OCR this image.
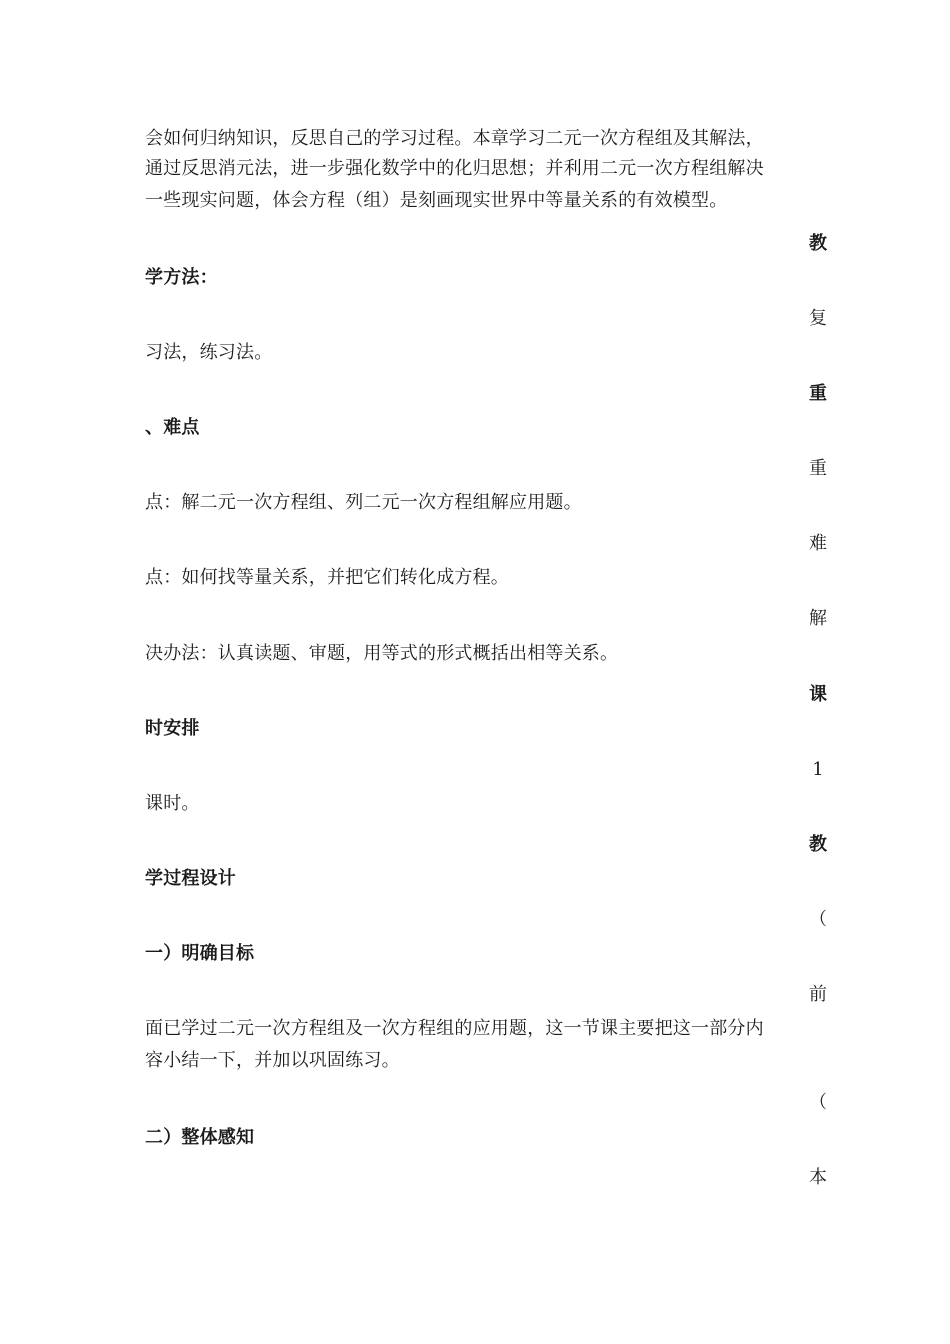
会如何归纳知识，反思自己的学习过程。本章学习二元一次方程组及其解法，
通过反思消元法，进一步强化数学中的化归思想；并利用二元一次方程组解决
一些现实问题，体会方程（组）是刻画现实世界中等量关系的有效模型。
学方法：
习法，练习法。
、难点
点：解二元一次方程组、列二元一次方程组解应用题。
点：如何找等量关系，并把它们转化成方程。
决办法：认真读题、审题，用等式的形式概括出相等关系。
时安排
课时。
学过程设计
一）明确目标
面已学过二元一次方程组及一次方程组的应用题，这一节课主要把这一部分内
容小结一下，并加以巩固练习。
二）整体感知
教
复
重
重
难
解
课
1
教
（
前
（
本
